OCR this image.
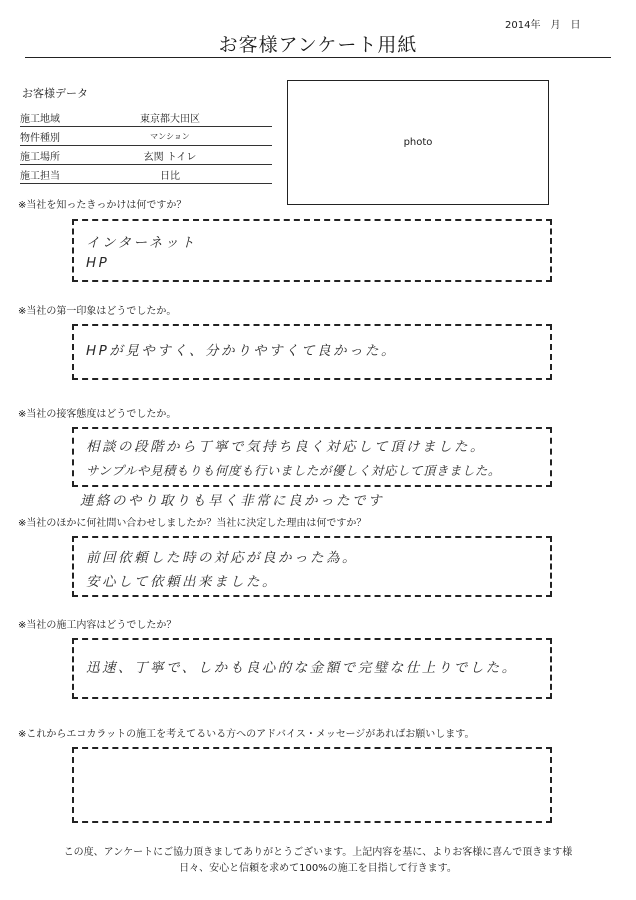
2014年　月　日
お客様アンケート用紙
お客様データ
施工地域	東京都大田区
物件種別	マンション
施工場所	玄関 トイレ
施工担当	日比
photo
※当社を知ったきっかけは何ですか？
インターネット
HP
※当社の第一印象はどうでしたか。
HPが見やすく、分かりやすくて良かった。
※当社の接客態度はどうでしたか。
相談の段階から丁寧で気持ち良く対応して頂けました。
サンプルや見積もりも何度も行いましたが優しく対応して頂きました。
連絡のやり取りも早く非常に良かったです
※当社のほかに何社問い合わせしましたか？当社に決定した理由は何ですか？
前回依頼した時の対応が良かった為。
安心して依頼出来ました。
※当社の施工内容はどうでしたか？
迅速、丁寧で、しかも良心的な金額で完璧な仕上りでした。
※これからエコカラットの施工を考えてるいる方へのアドバイス・メッセージがあればお願いします。
この度、アンケートにご協力頂きましてありがとうございます。上記内容を基に、よりお客様に喜んで頂きます様
日々、安心と信頼を求めて100%の施工を目指して行きます。
